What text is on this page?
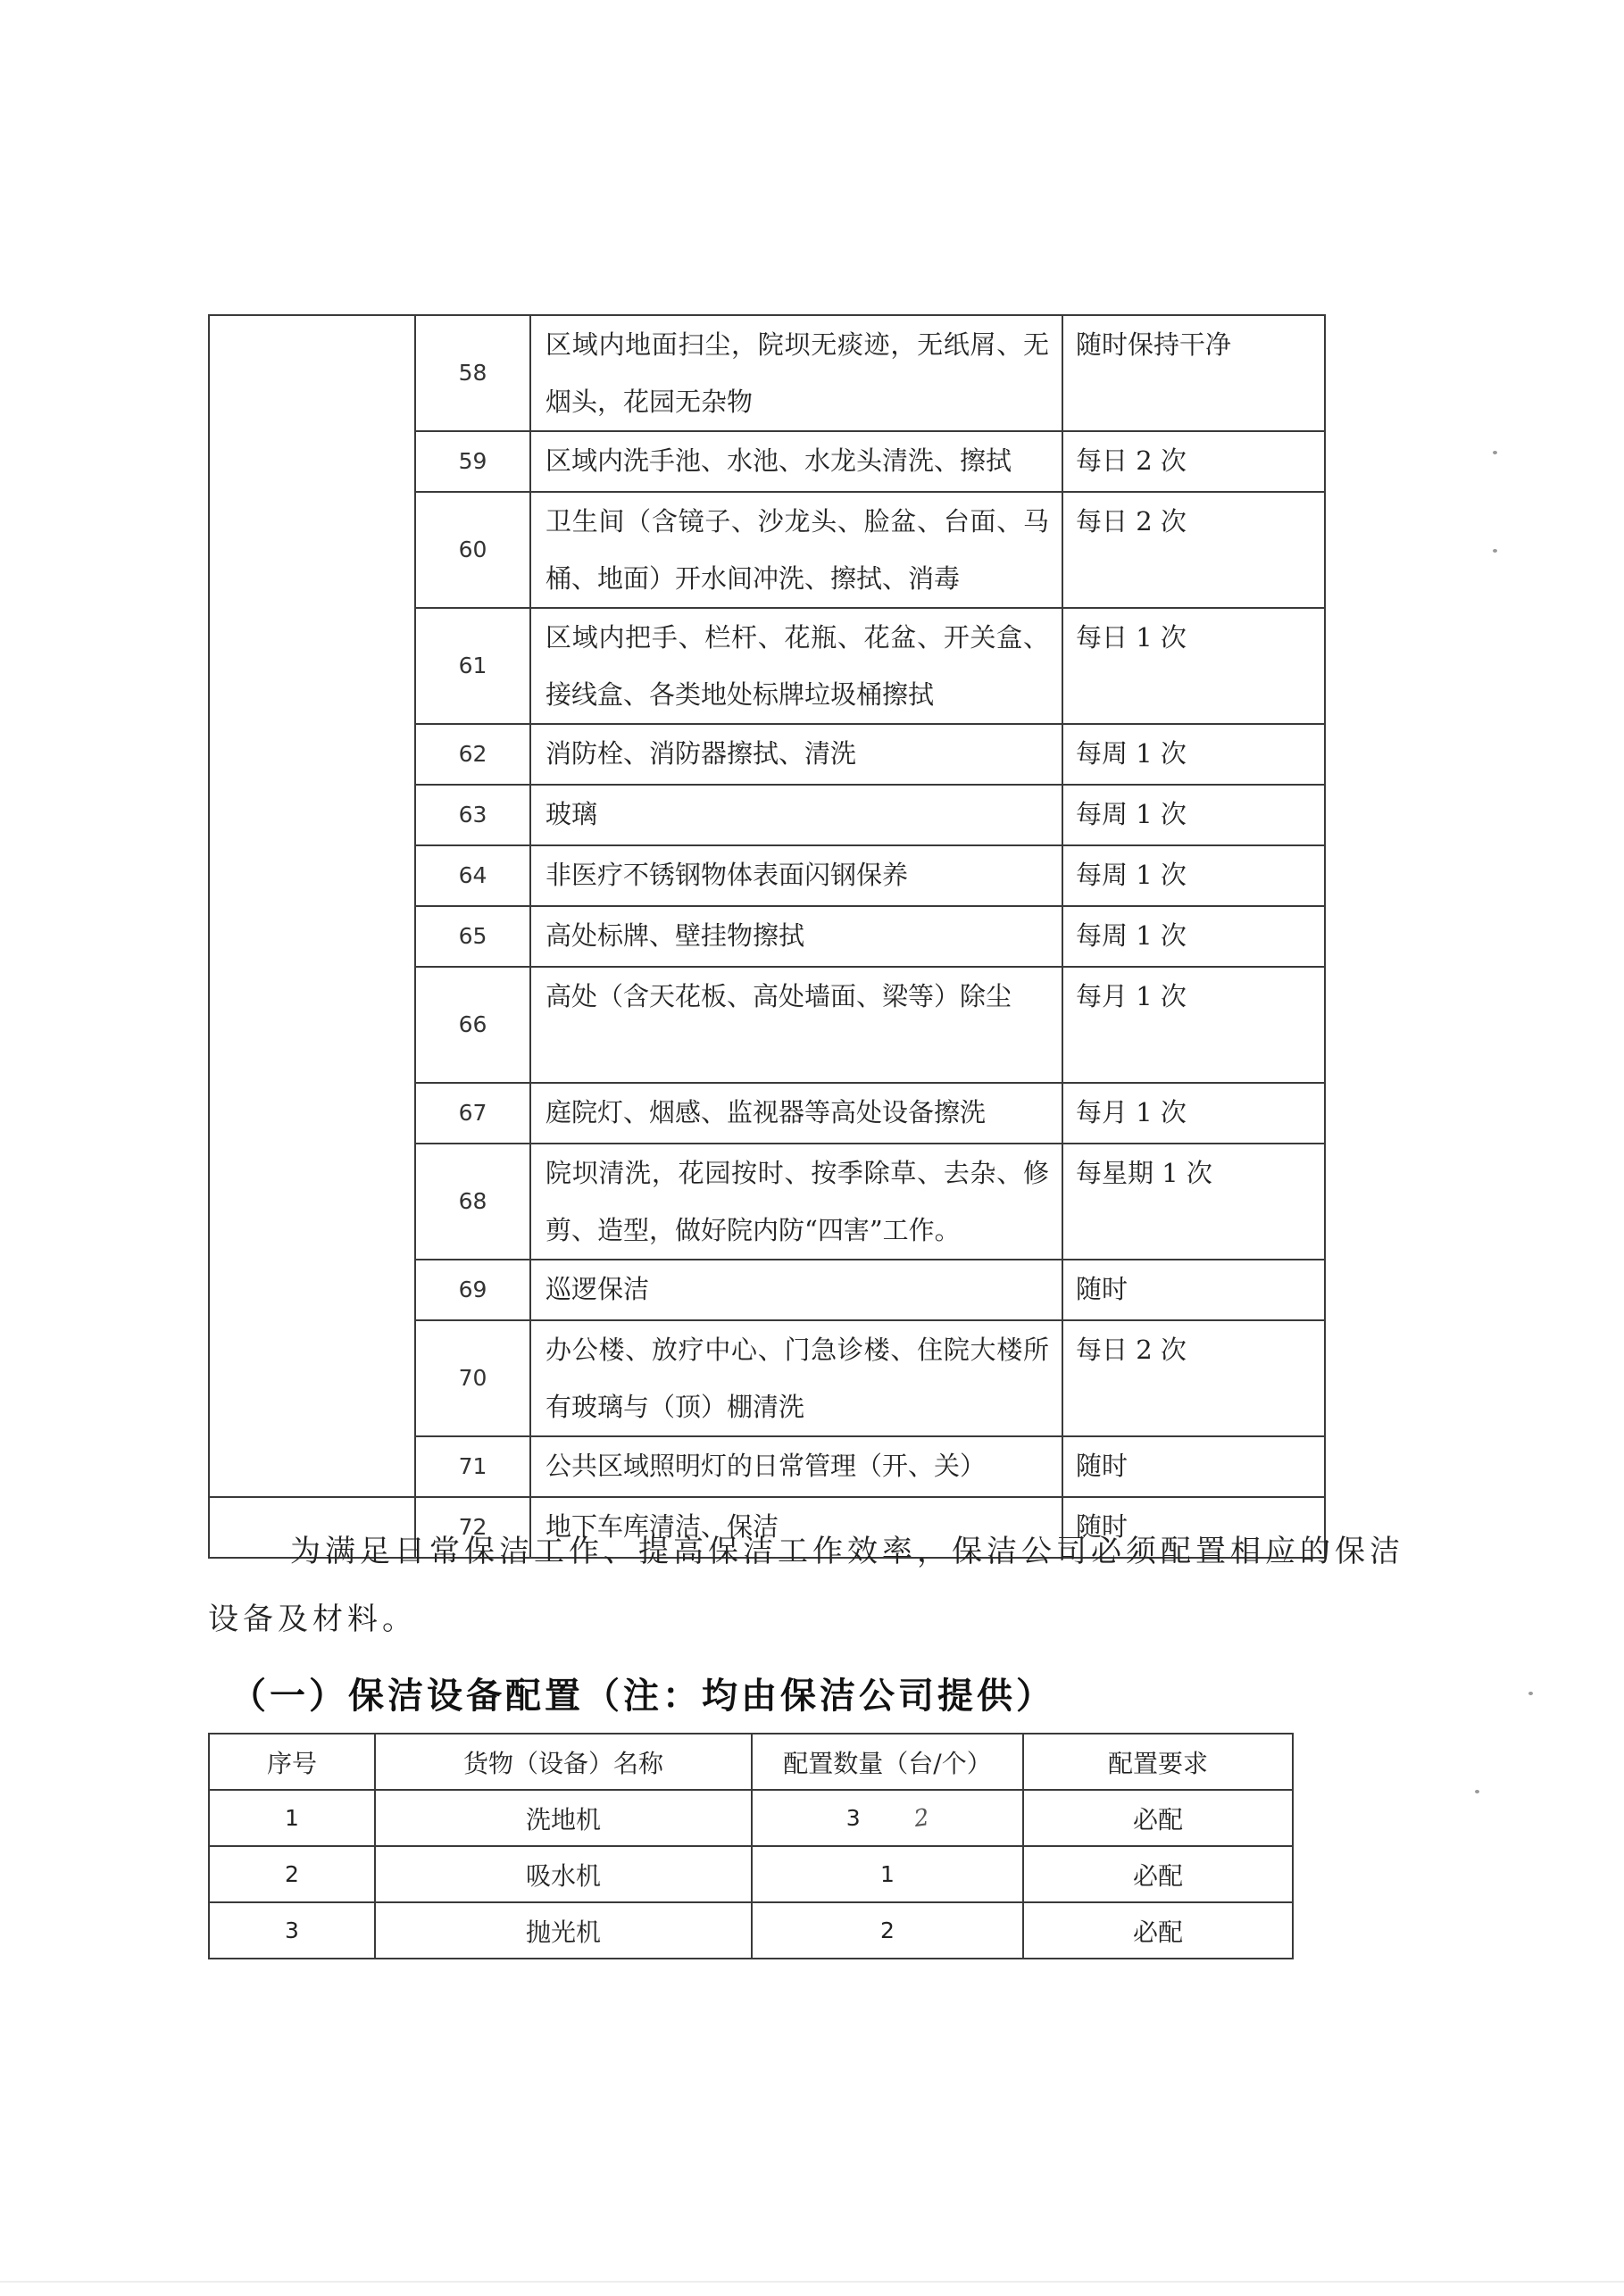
	58	区域内地面扫尘，院坝无痰迹，无纸屑、无烟头，花园无杂物	随时保持干净
	59	区域内洗手池、水池、水龙头清洗、擦拭	每日 2 次
	60	卫生间（含镜子、沙龙头、脸盆、台面、马桶、地面）开水间冲洗、擦拭、消毒	每日 2 次
	61	区域内把手、栏杆、花瓶、花盆、开关盒、接线盒、各类地处标牌垃圾桶擦拭	每日 1 次
	62	消防栓、消防器擦拭、清洗	每周 1 次
	63	玻璃	每周 1 次
	64	非医疗不锈钢物体表面闪钢保养	每周 1 次
	65	高处标牌、壁挂物擦拭	每周 1 次
	66	高处（含天花板、高处墙面、梁等）除尘	每月 1 次
	67	庭院灯、烟感、监视器等高处设备擦洗	每月 1 次
	68	院坝清洗，花园按时、按季除草、去杂、修剪、造型，做好院内防“四害”工作。	每星期 1 次
	69	巡逻保洁	随时
	70	办公楼、放疗中心、门急诊楼、住院大楼所有玻璃与（顶）棚清洗	每日 2 次
	71	公共区域照明灯的日常管理（开、关）	随时
	72	地下车库清洁、保洁	随时
为满足日常保洁工作、提高保洁工作效率，保洁公司必须配置相应的保洁设备及材料。
（一）保洁设备配置（注：均由保洁公司提供）
序号	货物（设备）名称	配置数量（台/个）	配置要求
1	洗地机	3 2	必配
2	吸水机	1	必配
3	抛光机	2	必配
